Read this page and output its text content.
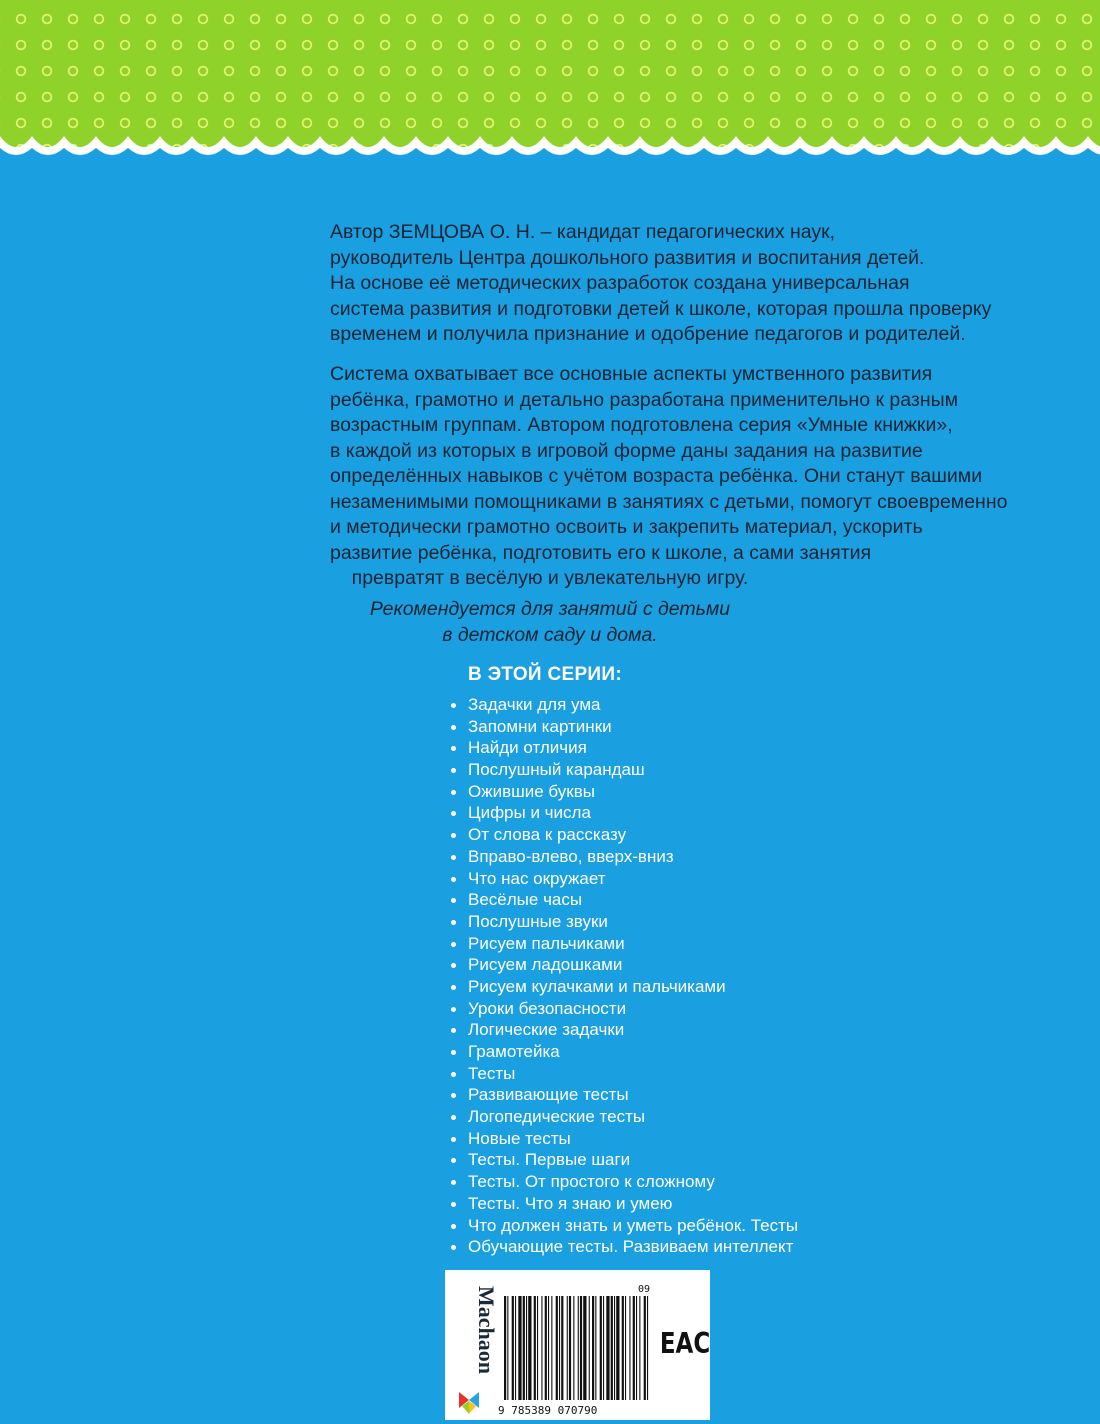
Автор ЗЕМЦОВА О. Н. – кандидат педагогических наук,
руководитель Центра дошкольного развития и воспитания детей.
На основе её методических разработок создана универсальная
система развития и подготовки детей к школе, которая прошла проверку
временем и получила признание и одобрение педагогов и родителей.
Система охватывает все основные аспекты умственного развития
ребёнка, грамотно и детально разработана применительно к разным
возрастным группам. Автором подготовлена серия «Умные книжки»,
в каждой из которых в игровой форме даны задания на развитие
определённых навыков с учётом возраста ребёнка. Они станут вашими
незаменимыми помощниками в занятиях с детьми, помогут своевременно
и методически грамотно освоить и закрепить материал, ускорить
развитие ребёнка, подготовить его к школе, а сами занятия
превратят в весёлую и увлекательную игру.
Рекомендуется для занятий с детьми
в детском саду и дома.
В ЭТОЙ СЕРИИ:
Задачки для ума
Запомни картинки
Найди отличия
Послушный карандаш
Ожившие буквы
Цифры и числа
От слова к рассказу
Вправо-влево, вверх-вниз
Что нас окружает
Весёлые часы
Послушные звуки
Рисуем пальчиками
Рисуем ладошками
Рисуем кулачками и пальчиками
Уроки безопасности
Логические задачки
Грамотейка
Тесты
Развивающие тесты
Логопедические тесты
Новые тесты
Тесты. Первые шаги
Тесты. От простого к сложному
Тесты. Что я знаю и умею
Что должен знать и уметь ребёнок. Тесты
Обучающие тесты. Развиваем интеллект
Machaon	09
9 785389 070790
EAC
